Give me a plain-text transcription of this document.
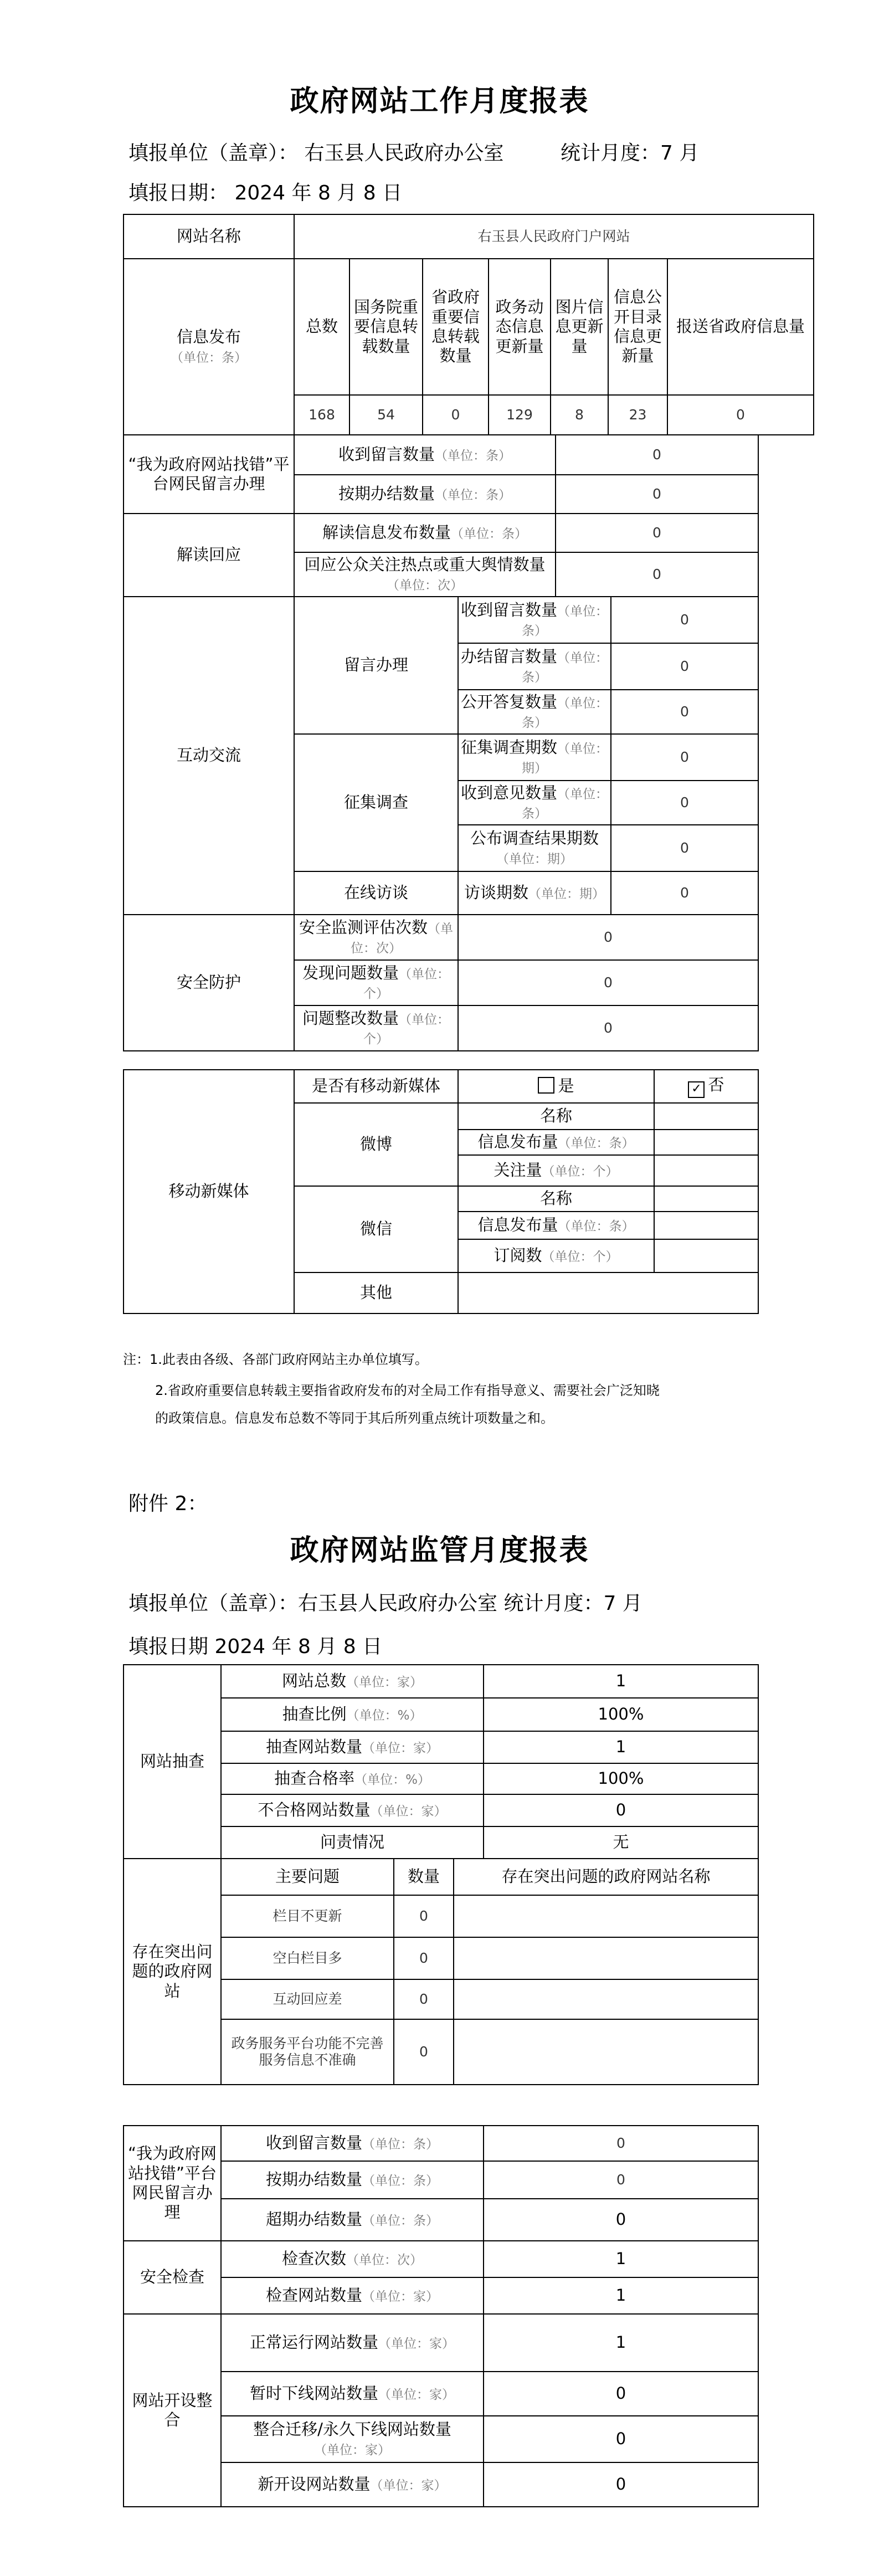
政府网站工作月度报表
填报单位（盖章）： 右玉县人民政府办公室	统计月度：7 月
填报日期： 2024 年 8 月 8 日
网站名称	右玉县人民政府门户网站						
信息发布
（单位：条）	总数	国务院重要信息转载数量	省政府重要信息转载数量	政务动态信息更新量	图片信息更新量	信息公开目录信息更新量	报送省政府信息量
	168	54	0	129	8	23	0
“我为政府网站找错”平台网民留言办理	收到留言数量（单位：条）	0
	按期办结数量（单位：条）	0
解读回应	解读信息发布数量（单位：条）	0
	回应公众关注热点或重大舆情数量（单位：次）	0
互动交流	留言办理	收到留言数量（单位：条）	0
		办结留言数量（单位：条）	0
		公开答复数量（单位：条）	0
	征集调查	征集调查期数（单位：期）	0
		收到意见数量（单位：条）	0
		公布调查结果期数（单位：期）	0
	在线访谈	访谈期数（单位：期）	0
安全防护	安全监测评估次数（单位：次）	0
	发现问题数量（单位：个）	0
	问题整改数量（单位：个）	0
移动新媒体	是否有移动新媒体	是	✓ 否
	微博	名称	
		信息发布量（单位：条）	
		关注量（单位：个）	
	微信	名称	
		信息发布量（单位：条）	
		订阅数（单位：个）	
	其他		
注：1.此表由各级、各部门政府网站主办单位填写。
2.省政府重要信息转载主要指省政府发布的对全局工作有指导意义、需要社会广泛知晓
的政策信息。信息发布总数不等同于其后所列重点统计项数量之和。
附件 2：
政府网站监管月度报表
填报单位（盖章）：右玉县人民政府办公室 统计月度：7 月
填报日期 2024 年 8 月 8 日
网站抽查	网站总数（单位：家）	1
	抽查比例（单位：%）	100%
	抽查网站数量（单位：家）	1
	抽查合格率（单位：%）	100%
	不合格网站数量（单位：家）	0
	问责情况	无
存在突出问题的政府网站	主要问题	数量	存在突出问题的政府网站名称
	栏目不更新	0	
	空白栏目多	0	
	互动回应差	0	
	政务服务平台功能不完善
服务信息不准确	0	
“我为政府网站找错”平台网民留言办理	收到留言数量（单位：条）	0
	按期办结数量（单位：条）	0
	超期办结数量（单位：条）	0
安全检查	检查次数（单位：次）	1
	检查网站数量（单位：家）	1
网站开设整合	正常运行网站数量（单位：家）	1
	暂时下线网站数量（单位：家）	0
	整合迁移/永久下线网站数量
（单位：家）	0
	新开设网站数量（单位：家）	0
